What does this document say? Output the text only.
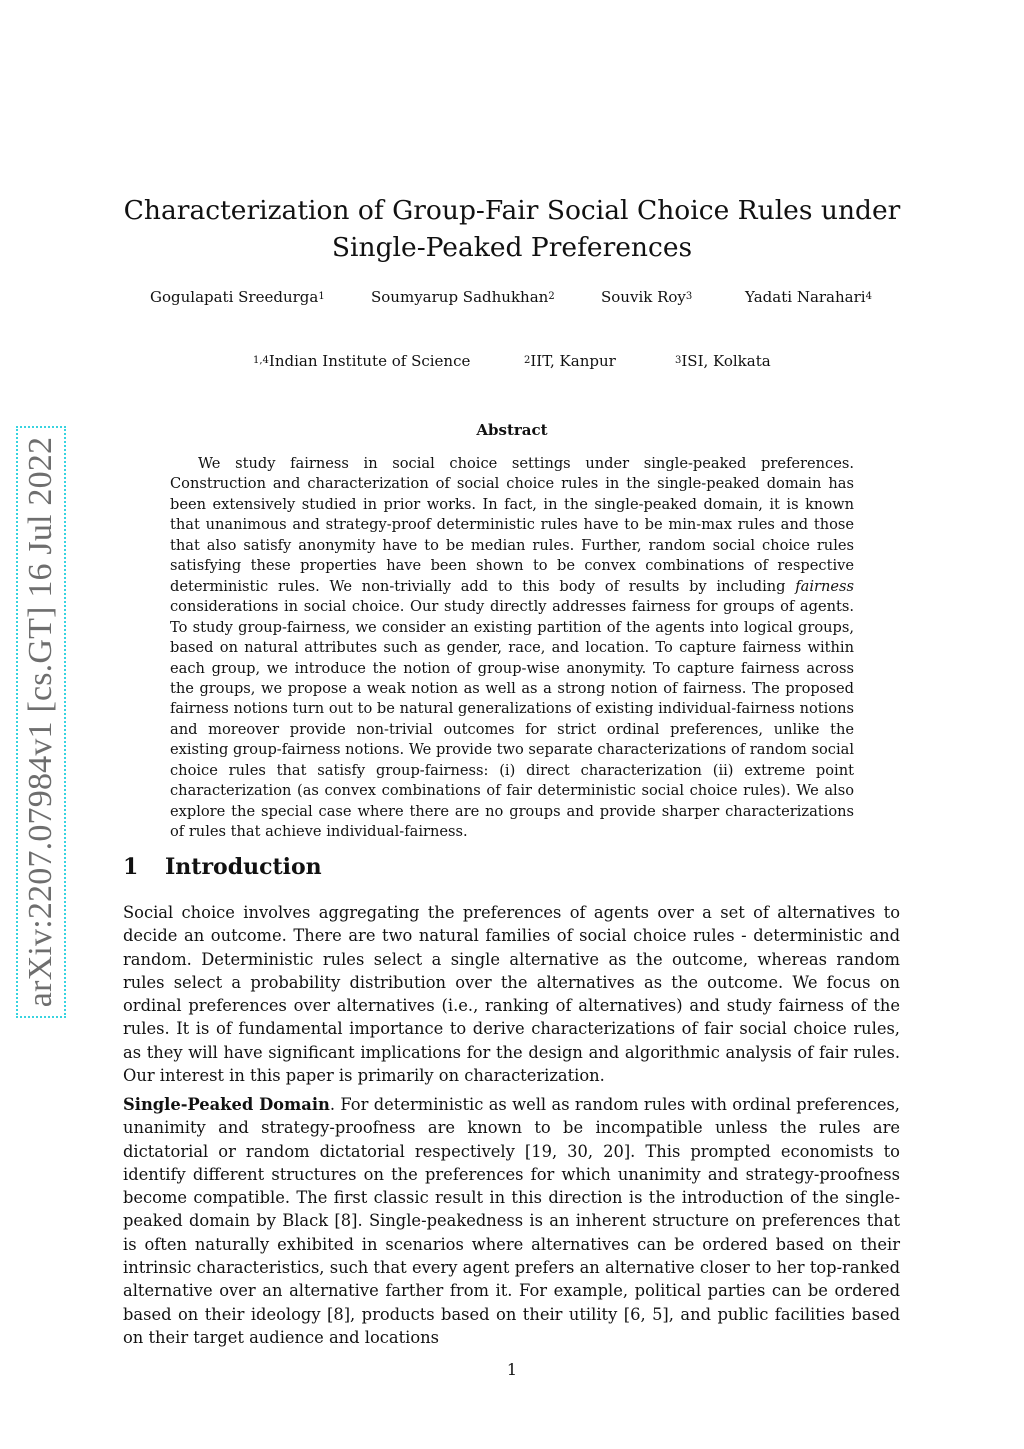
arXiv:2207.07984v1 [cs.GT] 16 Jul 2022
Characterization of Group-Fair Social Choice Rules under
Single-Peaked Preferences
Gogulapati Sreedurga$^1$	Soumyarup Sadhukhan$^2$	Souvik Roy$^3$	Yadati Narahari$^4$
$^{1,4}$Indian Institute of Science	$^2$IIT, Kanpur	$^3$ISI, Kolkata
Abstract

We study fairness in social choice settings under single-peaked preferences. Construction and characterization of social choice rules in the single-peaked domain has been extensively studied in prior works. In fact, in the single-peaked domain, it is known that unanimous and strategy-proof deterministic rules have to be min-max rules and those that also satisfy anonymity have to be median rules. Further, random social choice rules satisfying these properties have been shown to be convex combinations of respective deterministic rules. We non-trivially add to this body of results by including fairness considerations in social choice. Our study directly addresses fairness for groups of agents. To study group-fairness, we consider an existing partition of the agents into logical groups, based on natural attributes such as gender, race, and location. To capture fairness within each group, we introduce the notion of group-wise anonymity. To capture fairness across the groups, we propose a weak notion as well as a strong notion of fairness. The proposed fairness notions turn out to be natural generalizations of existing individual-fairness notions and moreover provide non-trivial outcomes for strict ordinal preferences, unlike the existing group-fairness notions. We provide two separate characterizations of random social choice rules that satisfy group-fairness: (i) direct characterization (ii) extreme point characterization (as convex combinations of fair deterministic social choice rules). We also explore the special case where there are no groups and provide sharper characterizations of rules that achieve individual-fairness.

1 Introduction

Social choice involves aggregating the preferences of agents over a set of alternatives to decide an outcome. There are two natural families of social choice rules - deterministic and random. Deterministic rules select a single alternative as the outcome, whereas random rules select a probability distribution over the alternatives as the outcome. We focus on ordinal preferences over alternatives (i.e., ranking of alternatives) and study fairness of the rules. It is of fundamental importance to derive characterizations of fair social choice rules, as they will have significant implications for the design and algorithmic analysis of fair rules. Our interest in this paper is primarily on characterization.

Single-Peaked Domain. For deterministic as well as random rules with ordinal preferences, unanimity and strategy-proofness are known to be incompatible unless the rules are dictatorial or random dictatorial respectively [19, 30, 20]. This prompted economists to identify different structures on the preferences for which unanimity and strategy-proofness become compatible. The first classic result in this direction is the introduction of the single-peaked domain by Black [8]. Single-peakedness is an inherent structure on preferences that is often naturally exhibited in scenarios where alternatives can be ordered based on their intrinsic characteristics, such that every agent prefers an alternative closer to her top-ranked alternative over an alternative farther from it. For example, political parties can be ordered based on their ideology [8], products based on their utility [6, 5], and public facilities based on their target audience and locations

1
